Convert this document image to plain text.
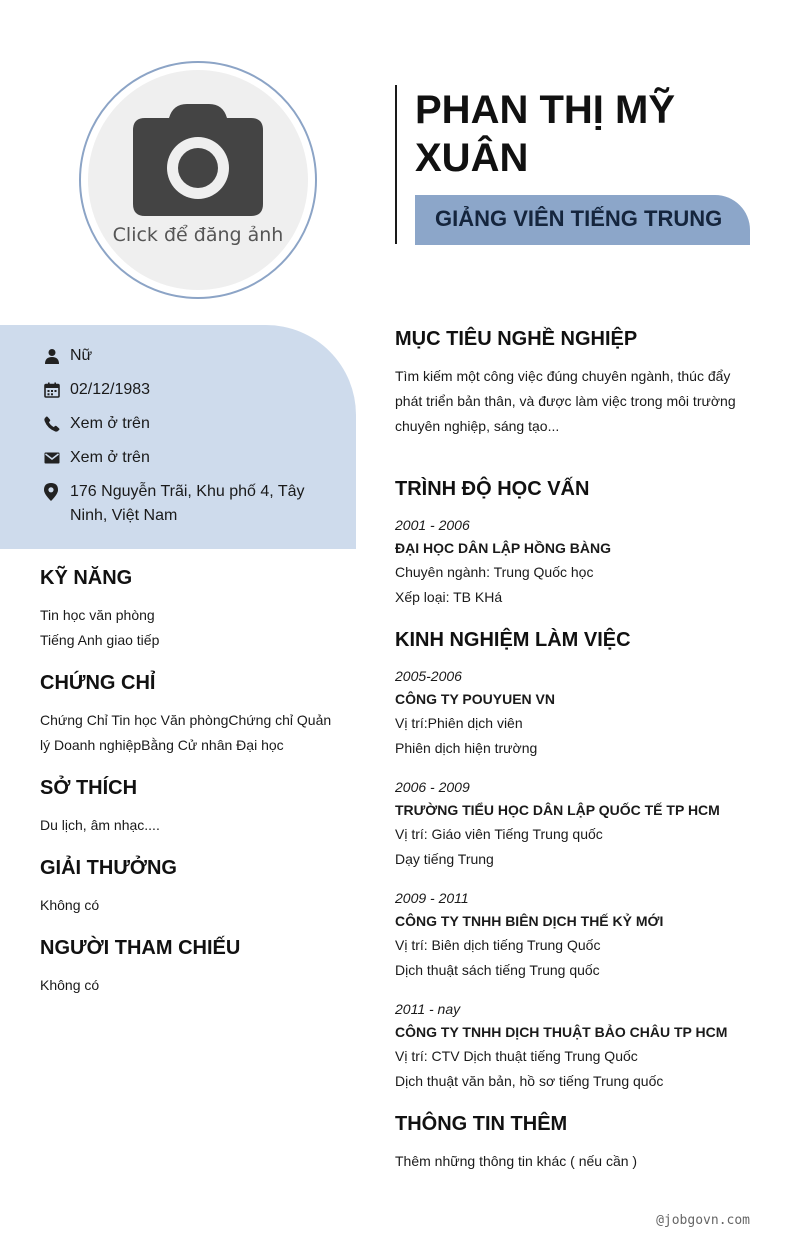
Click để đăng ảnh
PHAN THỊ MỸ XUÂN
GIẢNG VIÊN TIẾNG TRUNG
Nữ
02/12/1983
Xem ở trên
Xem ở trên
176 Nguyễn Trãi, Khu phố 4, Tây Ninh, Việt Nam
KỸ NĂNG
Tin học văn phòng
Tiếng Anh giao tiếp
CHỨNG CHỈ
Chứng Chỉ Tin học Văn phòngChứng chỉ Quản lý Doanh nghiệpBằng Cử nhân Đại học
SỞ THÍCH
Du lịch, âm nhạc....
GIẢI THƯỞNG
Không có
NGƯỜI THAM CHIẾU
Không có
MỤC TIÊU NGHỀ NGHIỆP
Tìm kiếm một công việc đúng chuyên ngành, thúc đẩy phát triển bản thân, và được làm việc trong môi trường chuyên nghiệp, sáng tạo...
TRÌNH ĐỘ HỌC VẤN
2001 - 2006
ĐẠI HỌC DÂN LẬP HỒNG BÀNG
Chuyên ngành: Trung Quốc học
Xếp loại: TB KHá
KINH NGHIỆM LÀM VIỆC
2005-2006
CÔNG TY POUYUEN VN
Vị trí:Phiên dịch viên
Phiên dịch hiện trường
2006 - 2009
TRƯỜNG TIỂU HỌC DÂN LẬP QUỐC TẾ TP HCM
Vị trí: Giáo viên Tiếng Trung quốc
Dạy tiếng Trung
2009 - 2011
CÔNG TY TNHH BIÊN DỊCH THẾ KỶ MỚI
Vị trí: Biên dịch tiếng Trung Quốc
Dịch thuật sách tiếng Trung quốc
2011 - nay
CÔNG TY TNHH DỊCH THUẬT BẢO CHÂU TP HCM
Vị trí: CTV Dịch thuật tiếng Trung Quốc
Dịch thuật văn bản, hồ sơ tiếng Trung quốc
THÔNG TIN THÊM
Thêm những thông tin khác ( nếu cần )
@jobgovn.com
